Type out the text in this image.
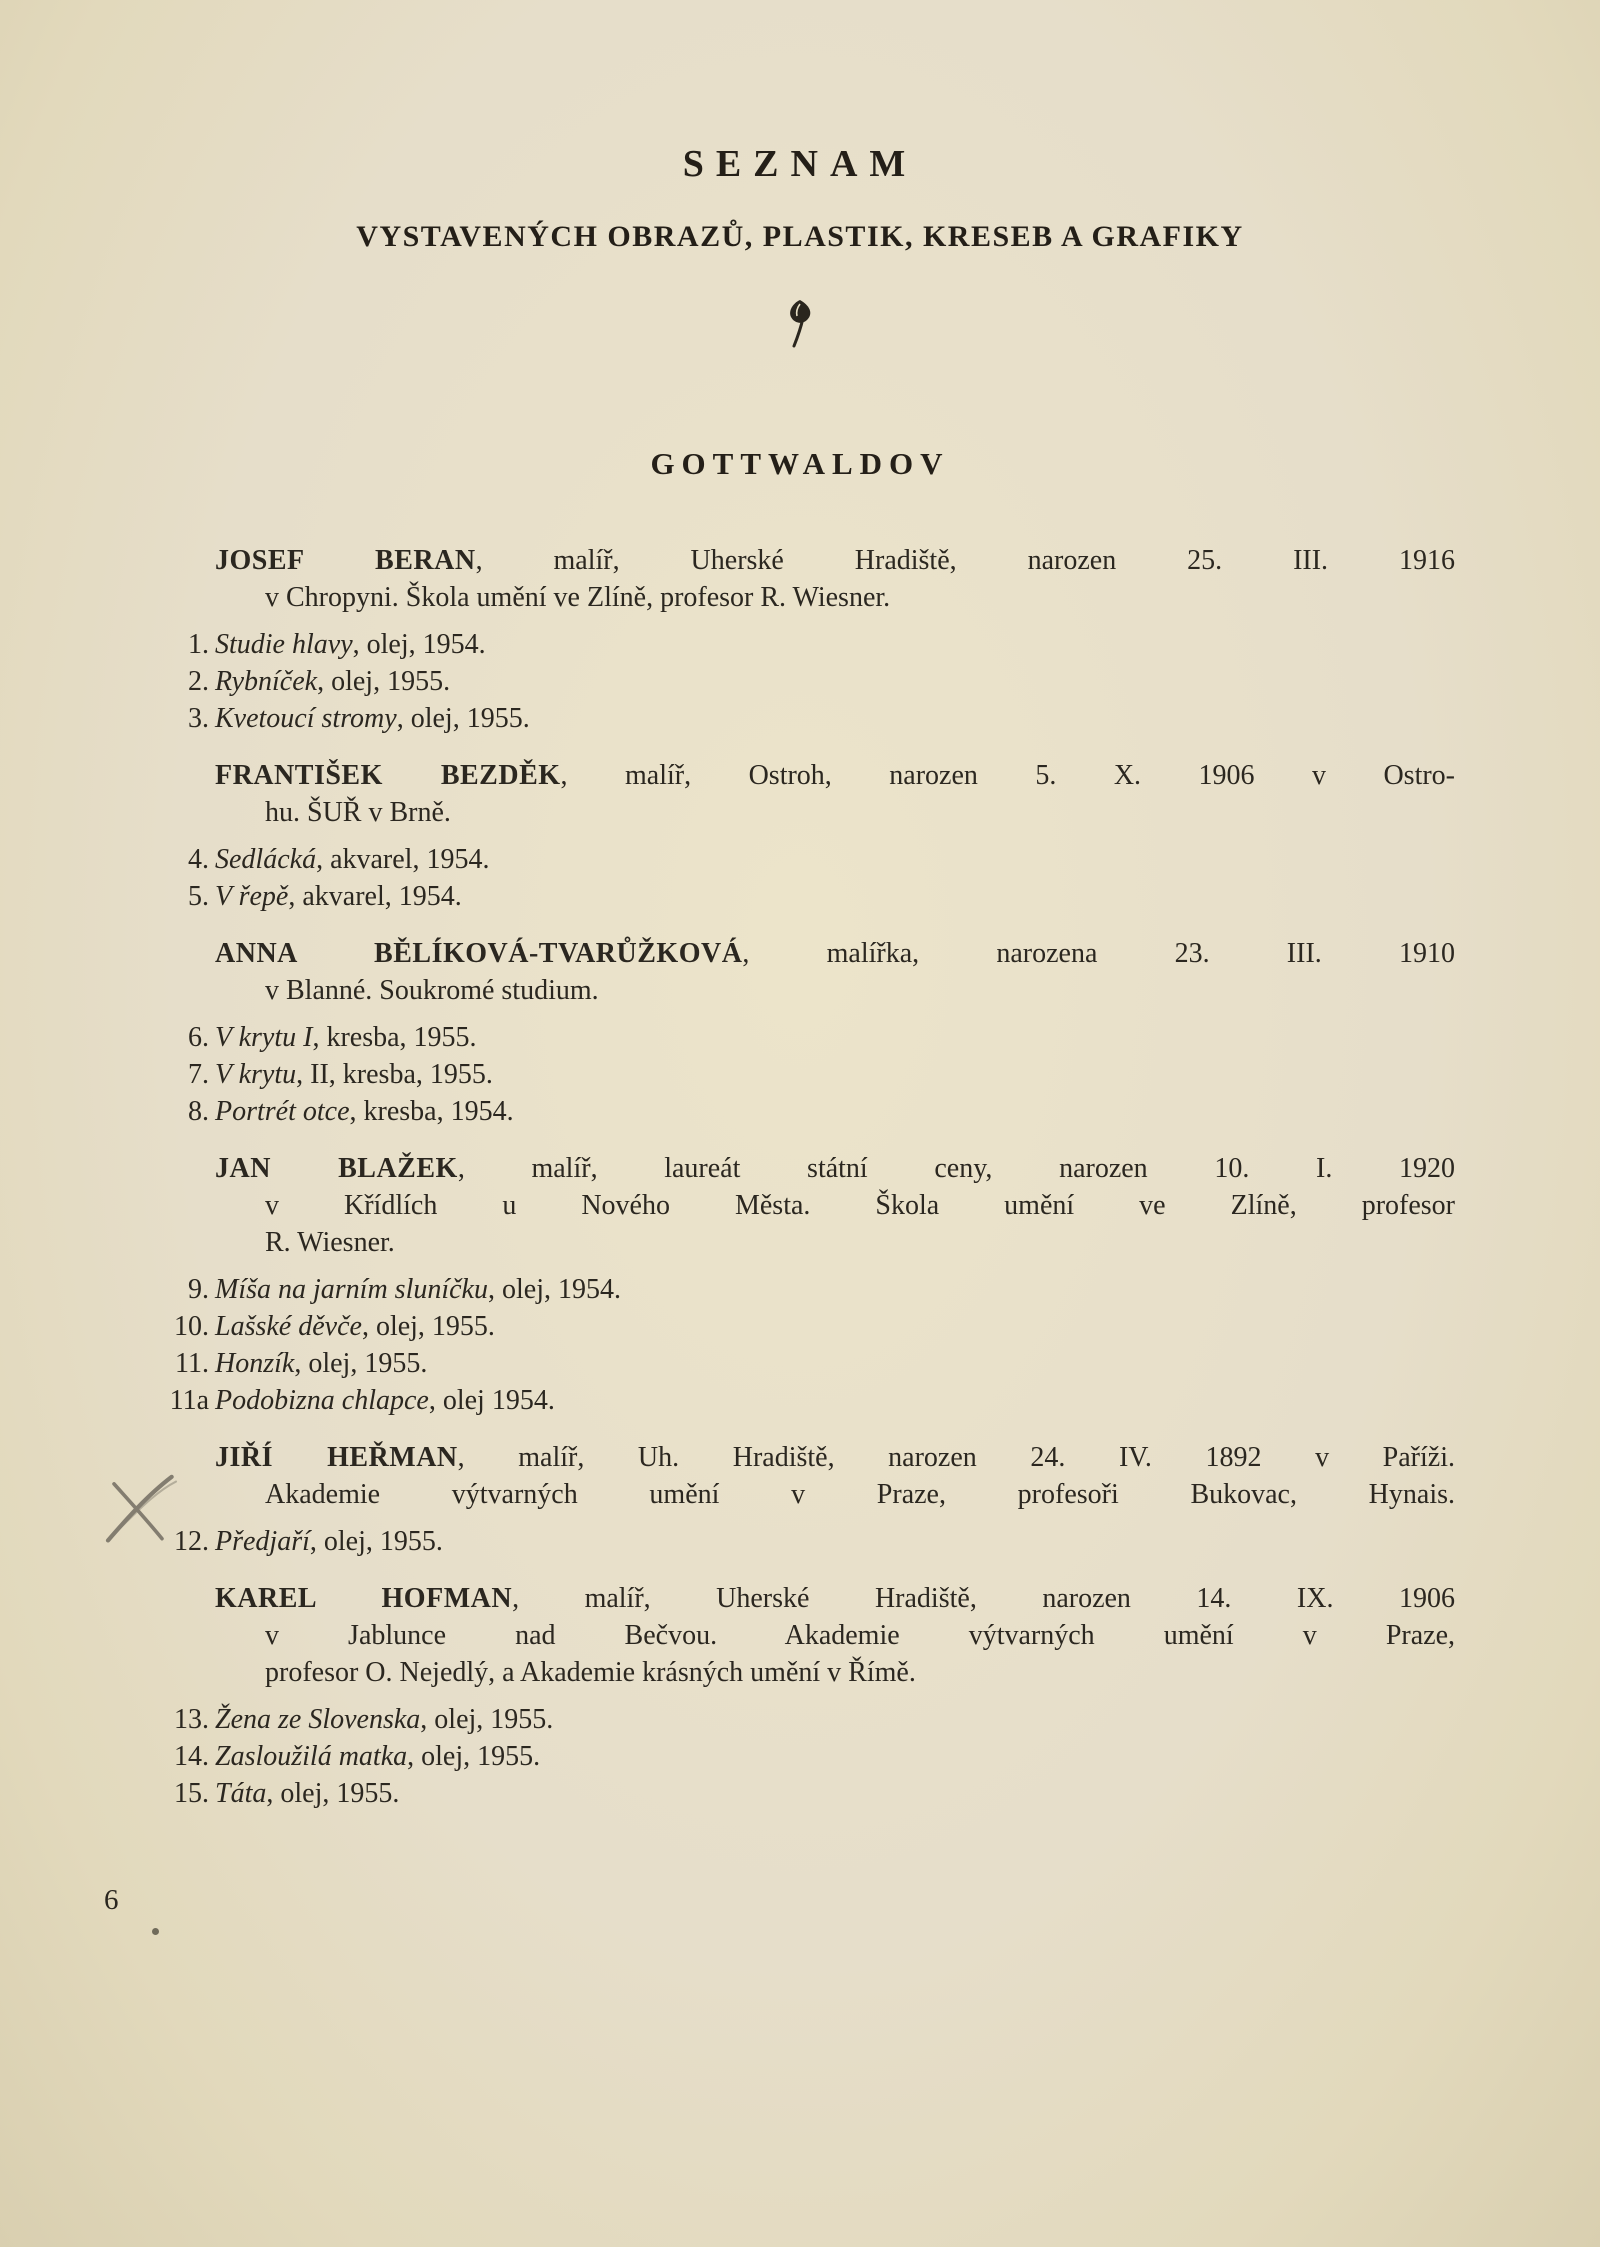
SEZNAM
VYSTAVENÝCH OBRAZŮ, PLASTIK, KRESEB A GRAFIKY
GOTTWALDOV
JOSEF BERAN, malíř, Uherské Hradiště, narozen 25. III. 1916
v Chropyni. Škola umění ve Zlíně, profesor R. Wiesner.
1. Studie hlavy, olej, 1954.
2. Rybníček, olej, 1955.
3. Kvetoucí stromy, olej, 1955.
FRANTIŠEK BEZDĚK, malíř, Ostroh, narozen 5. X. 1906 v Ostro-
hu. ŠUŘ v Brně.
4. Sedlácká, akvarel, 1954.
5. V řepě, akvarel, 1954.
ANNA BĚLÍKOVÁ-TVARŮŽKOVÁ, malířka, narozena 23. III. 1910
v Blanné. Soukromé studium.
6. V krytu I, kresba, 1955.
7. V krytu, II, kresba, 1955.
8. Portrét otce, kresba, 1954.
JAN BLAŽEK, malíř, laureát státní ceny, narozen 10. I. 1920
v Křídlích u Nového Města. Škola umění ve Zlíně, profesor
R. Wiesner.
9. Míša na jarním sluníčku, olej, 1954.
10. Lašské děvče, olej, 1955.
11. Honzík, olej, 1955.
11a Podobizna chlapce, olej 1954.
JIŘÍ HEŘMAN, malíř, Uh. Hradiště, narozen 24. IV. 1892 v Paříži.
Akademie výtvarných umění v Praze, profesoři Bukovac, Hynais.
12. Předjaří, olej, 1955.
KAREL HOFMAN, malíř, Uherské Hradiště, narozen 14. IX. 1906
v Jablunce nad Bečvou. Akademie výtvarných umění v Praze,
profesor O. Nejedlý, a Akademie krásných umění v Římě.
13. Žena ze Slovenska, olej, 1955.
14. Zasloužilá matka, olej, 1955.
15. Táta, olej, 1955.
6
